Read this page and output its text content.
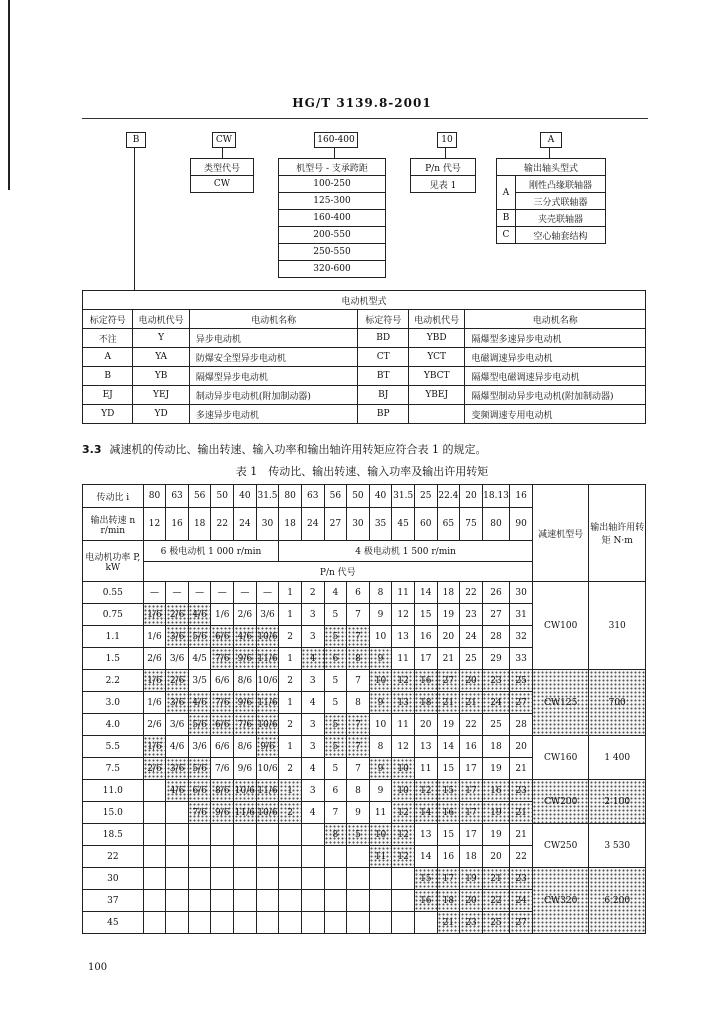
HG/T 3139.8-2001
B	CW	160-400	10	A
类型代号
CW
机型号 - 支承跨距
100-250
125-300
160-400
200-550
250-550
320-600
P/n 代号
见表 1
输出轴头型式	
A	刚性凸缘联轴器
	三分式联轴器
B	夹壳联轴器
C	空心轴套结构
电动机型式					
标定符号	电动机代号	电动机名称	标定符号	电动机代号	电动机名称
不注	Y	异步电动机	BD	YBD	隔爆型多速异步电动机
A	YA	防爆安全型异步电动机	CT	YCT	电磁调速异步电动机
B	YB	隔爆型异步电动机	BT	YBCT	隔爆型电磁调速异步电动机
EJ	YEJ	制动异步电动机(附加制动器)	BJ	YBEJ	隔爆型制动异步电动机(附加制动器)
YD	YD	多速异步电动机	BP		变频调速专用电动机
3.3 减速机的传动比、输出转速、输入功率和输出轴许用转矩应符合表 1 的规定。
表 1　传动比、输出转速、输入功率及输出许用转矩
传动比 i	80	63	56	50	40	31.5	80	63	56	50	40	31.5	25	22.4	20	18.13	16	减速机型号	输出轴许用转矩 N·m
输出转速 n r/min	12	16	18	22	24	30	18	24	27	30	35	45	60	65	75	80	90		
电动机功率 P, kW	6 极电动机 1 000 r/min						4 极电动机 1 500 r/min												
	P/n 代号																		
0.55	—	—	—	—	—	—	1	2	4	6	8	11	14	18	22	26	30	CW100	310
0.75	1/6	2/6	4/6	1/6	2/6	3/6	1	3	5	7	9	12	15	19	23	27	31		
1.1	1/6	3/6	5/6	6/6	4/6	10/6	2	3	5	7	10	13	16	20	24	28	32		
1.5	2/6	3/6	4/5	7/6	9/6	11/6	1	4	6	8	9	11	17	21	25	29	33		
2.2	1/6	2/6	3/5	6/6	8/6	10/6	2	3	5	7	10	12	16	27	20	23	25	CW125	700
3.0	1/6	3/6	4/6	7/6	9/6	11/6	1	4	5	8	9	13	18	21	21	24	27		
4.0	2/6	3/6	5/6	6/6	7/6	10/6	2	3	5	7	10	11	20	19	22	25	28		
5.5	1/6	4/6	3/6	6/6	8/6	9/6	1	3	5	7	8	12	13	14	16	18	20	CW160	1 400
7.5	2/6	3/6	5/6	7/6	9/6	10/6	2	4	5	7	9	10	11	15	17	19	21		
11.0		4/6	6/6	8/6	10/6	11/6	1	3	6	8	9	10	12	15	17	16	23	CW200	2 100
15.0			7/6	9/6	11/6	10/6	2	4	7	9	11	12	14	16	17	19	21		
18.5									8	5	10	12	13	15	17	19	21	CW250	3 530
22											11	12	14	16	18	20	22		
30													15	17	19	21	23	CW320	6 200
37													16	18	20	22	24		
45														21	23	25	27		
100
